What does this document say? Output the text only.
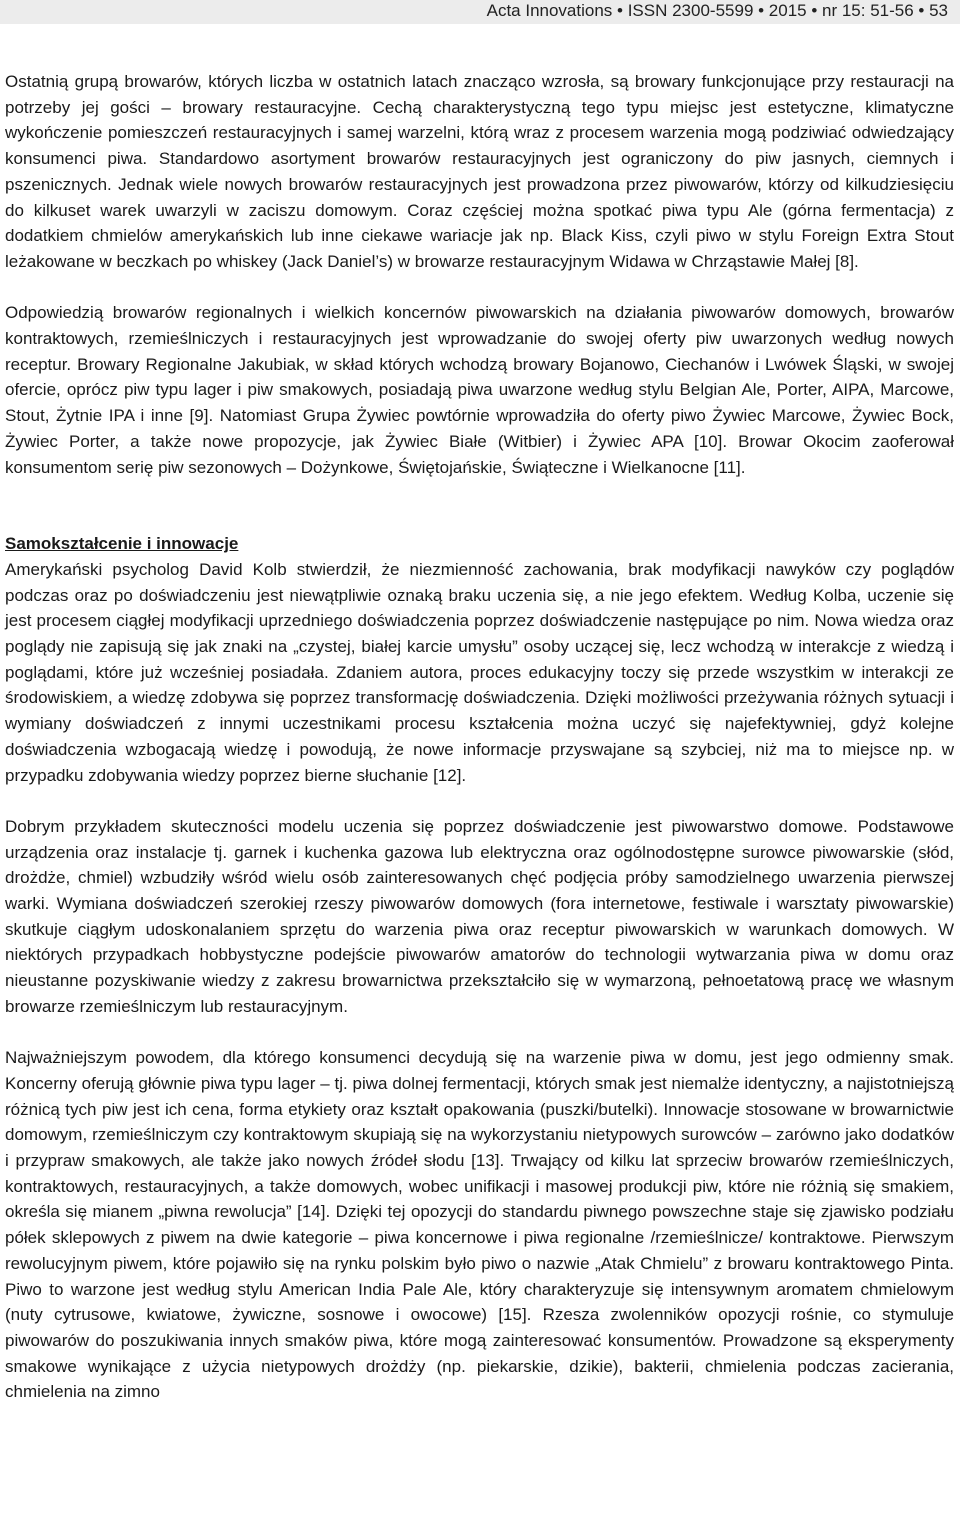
Acta Innovations • ISSN 2300-5599 • 2015 • nr 15: 51-56 • 53

Ostatnią grupą browarów, których liczba w ostatnich latach znacząco wzrosła, są browary funkcjonujące przy restauracji na potrzeby jej gości – browary restauracyjne. Cechą charakterystyczną tego typu miejsc jest estetyczne, klimatyczne wykończenie pomieszczeń restauracyjnych i samej warzelni, którą wraz z procesem warzenia mogą podziwiać odwiedzający konsumenci piwa. Standardowo asortyment browarów restauracyjnych jest ograniczony do piw jasnych, ciemnych i pszenicznych. Jednak wiele nowych browarów restauracyjnych jest prowadzona przez piwowarów, którzy od kilkudziesięciu do kilkuset warek uwarzyli w zaciszu domowym. Coraz częściej można spotkać piwa typu Ale (górna fermentacja) z dodatkiem chmielów amerykańskich lub inne ciekawe wariacje jak np. Black Kiss, czyli piwo w stylu Foreign Extra Stout leżakowane w beczkach po whiskey (Jack Daniel’s) w browarze restauracyjnym Widawa w Chrząstawie Małej [8].

Odpowiedzią browarów regionalnych i wielkich koncernów piwowarskich na działania piwowarów domowych, browarów kontraktowych, rzemieślniczych i restauracyjnych jest wprowadzanie do swojej oferty piw uwarzonych według nowych receptur. Browary Regionalne Jakubiak, w skład których wchodzą browary Bojanowo, Ciechanów i Lwówek Śląski, w swojej ofercie, oprócz piw typu lager i piw smakowych, posiadają piwa uwarzone według stylu Belgian Ale, Porter, AIPA, Marcowe, Stout, Żytnie IPA i inne [9]. Natomiast Grupa Żywiec powtórnie wprowadziła do oferty piwo Żywiec Marcowe, Żywiec Bock, Żywiec Porter, a także nowe propozycje, jak Żywiec Białe (Witbier) i Żywiec APA [10]. Browar Okocim zaoferował konsumentom serię piw sezonowych – Dożynkowe, Świętojańskie, Świąteczne i Wielkanocne [11].

Samokształcenie i innowacje

Amerykański psycholog David Kolb stwierdził, że niezmienność zachowania, brak modyfikacji nawyków czy poglądów podczas oraz po doświadczeniu jest niewątpliwie oznaką braku uczenia się, a nie jego efektem. Według Kolba, uczenie się jest procesem ciągłej modyfikacji uprzedniego doświadczenia poprzez doświadczenie następujące po nim. Nowa wiedza oraz poglądy nie zapisują się jak znaki na „czystej, białej karcie umysłu” osoby uczącej się, lecz wchodzą w interakcje z wiedzą i poglądami, które już wcześniej posiadała. Zdaniem autora, proces edukacyjny toczy się przede wszystkim w interakcji ze środowiskiem, a wiedzę zdobywa się poprzez transformację doświadczenia. Dzięki możliwości przeżywania różnych sytuacji i wymiany doświadczeń z innymi uczestnikami procesu kształcenia można uczyć się najefektywniej, gdyż kolejne doświadczenia wzbogacają wiedzę i powodują, że nowe informacje przyswajane są szybciej, niż ma to miejsce np. w przypadku zdobywania wiedzy poprzez bierne słuchanie [12].

Dobrym przykładem skuteczności modelu uczenia się poprzez doświadczenie jest piwowarstwo domowe. Podstawowe urządzenia oraz instalacje tj. garnek i kuchenka gazowa lub elektryczna oraz ogólnodostępne surowce piwowarskie (słód, drożdże, chmiel) wzbudziły wśród wielu osób zainteresowanych chęć podjęcia próby samodzielnego uwarzenia pierwszej warki. Wymiana doświadczeń szerokiej rzeszy piwowarów domowych (fora internetowe, festiwale i warsztaty piwowarskie) skutkuje ciągłym udoskonalaniem sprzętu do warzenia piwa oraz receptur piwowarskich w warunkach domowych. W niektórych przypadkach hobbystyczne podejście piwowarów amatorów do technologii wytwarzania piwa w domu oraz nieustanne pozyskiwanie wiedzy z zakresu browarnictwa przekształciło się w wymarzoną, pełnoetatową pracę we własnym browarze rzemieślniczym lub restauracyjnym.

Najważniejszym powodem, dla którego konsumenci decydują się na warzenie piwa w domu, jest jego odmienny smak. Koncerny oferują głównie piwa typu lager – tj. piwa dolnej fermentacji, których smak jest niemalże identyczny, a najistotniejszą różnicą tych piw jest ich cena, forma etykiety oraz kształt opakowania (puszki/butelki). Innowacje stosowane w browarnictwie domowym, rzemieślniczym czy kontraktowym skupiają się na wykorzystaniu nietypowych surowców – zarówno jako dodatków i przypraw smakowych, ale także jako nowych źródeł słodu [13]. Trwający od kilku lat sprzeciw browarów rzemieślniczych, kontraktowych, restauracyjnych, a także domowych, wobec unifikacji i masowej produkcji piw, które nie różnią się smakiem, określa się mianem „piwna rewolucja” [14]. Dzięki tej opozycji do standardu piwnego powszechne staje się zjawisko podziału półek sklepowych z piwem na dwie kategorie – piwa koncernowe i piwa regionalne /rzemieślnicze/ kontraktowe. Pierwszym rewolucyjnym piwem, które pojawiło się na rynku polskim było piwo o nazwie „Atak Chmielu” z browaru kontraktowego Pinta. Piwo to warzone jest według stylu American India Pale Ale, który charakteryzuje się intensywnym aromatem chmielowym (nuty cytrusowe, kwiatowe, żywiczne, sosnowe i owocowe) [15]. Rzesza zwolenników opozycji rośnie, co stymuluje piwowarów do poszukiwania innych smaków piwa, które mogą zainteresować konsumentów. Prowadzone są eksperymenty smakowe wynikające z użycia nietypowych drożdży (np. piekarskie, dzikie), bakterii, chmielenia podczas zacierania, chmielenia na zimno
